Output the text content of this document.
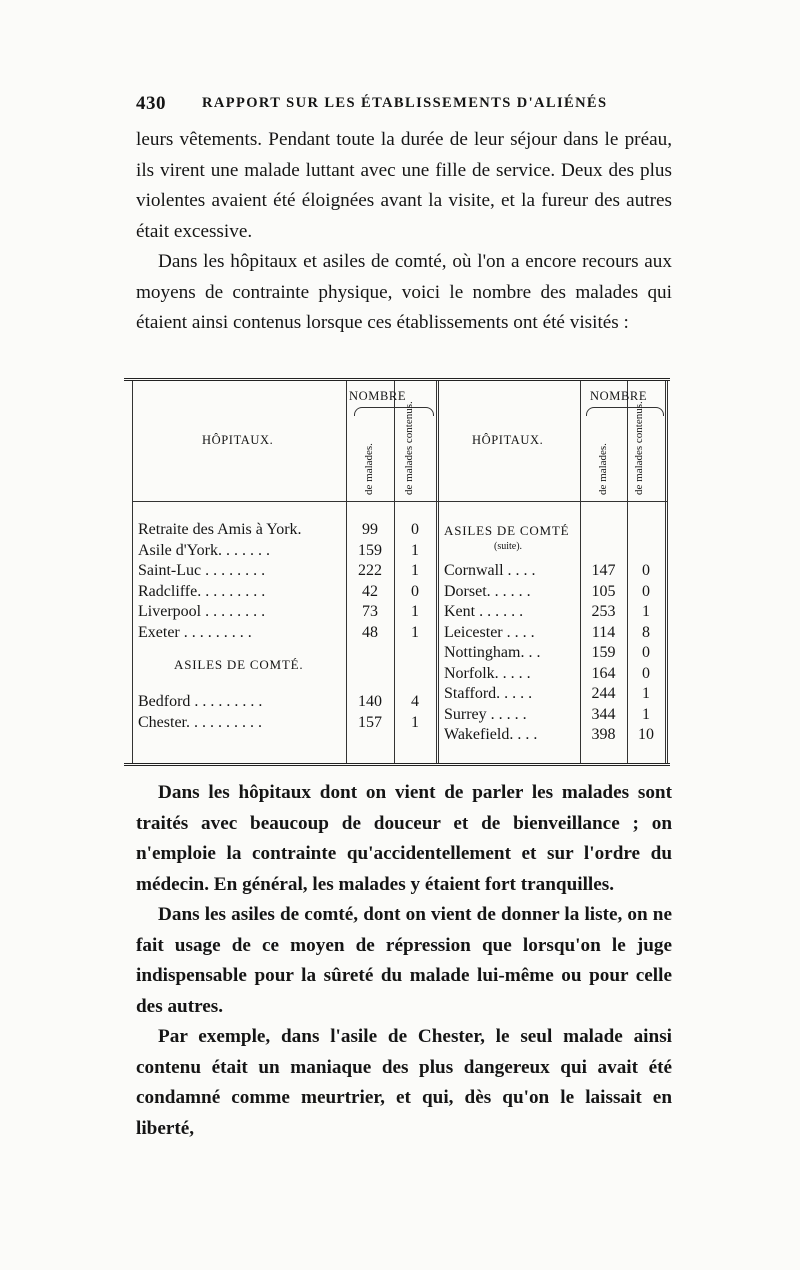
430 RAPPORT SUR LES ÉTABLISSEMENTS D'ALIÉNÉS

leurs vêtements. Pendant toute la durée de leur séjour dans le préau, ils virent une malade luttant avec une fille de service. Deux des plus violentes avaient été éloignées avant la visite, et la fureur des autres était excessive.

Dans les hôpitaux et asiles de comté, où l'on a encore recours aux moyens de contrainte physique, voici le nombre des malades qui étaient ainsi contenus lorsque ces établissements ont été visités :

HÔPITAUX.
NOMBRE
de malades.	de malades contenus.	HÔPITAUX.
NOMBRE
de malades. de malades contenus.
Retraite des Amis à York.	99	0
Asile d'York. . . . . . .	159	1
Saint-Luc . . . . . . . .	222	1
Radcliffe. . . . . . . . .	42	0
Liverpool . . . . . . . .	73	1
Exeter . . . . . . . . .	48	1
Bedford . . . . . . . . .	140	4
Chester. . . . . . . . . .	157	1
ASILES DE COMTÉ.
ASILES DE COMTÉ
(suite).
Cornwall . . . .	147	0
Dorset. . . . . .	105	0
Kent . . . . . .	253	1
Leicester . . . .	114	8
Nottingham. . .	159	0
Norfolk. . . . .	164	0
Stafford. . . . .	244	1
Surrey . . . . .	344	1
Wakefield. . . .	398	10

Dans les hôpitaux dont on vient de parler les malades sont traités avec beaucoup de douceur et de bienveillance ; on n'emploie la contrainte qu'accidentellement et sur l'ordre du médecin. En général, les malades y étaient fort tranquilles.

Dans les asiles de comté, dont on vient de donner la liste, on ne fait usage de ce moyen de répression que lorsqu'on le juge indispensable pour la sûreté du malade lui-même ou pour celle des autres.

Par exemple, dans l'asile de Chester, le seul malade ainsi contenu était un maniaque des plus dangereux qui avait été condamné comme meurtrier, et qui, dès qu'on le laissait en liberté,
